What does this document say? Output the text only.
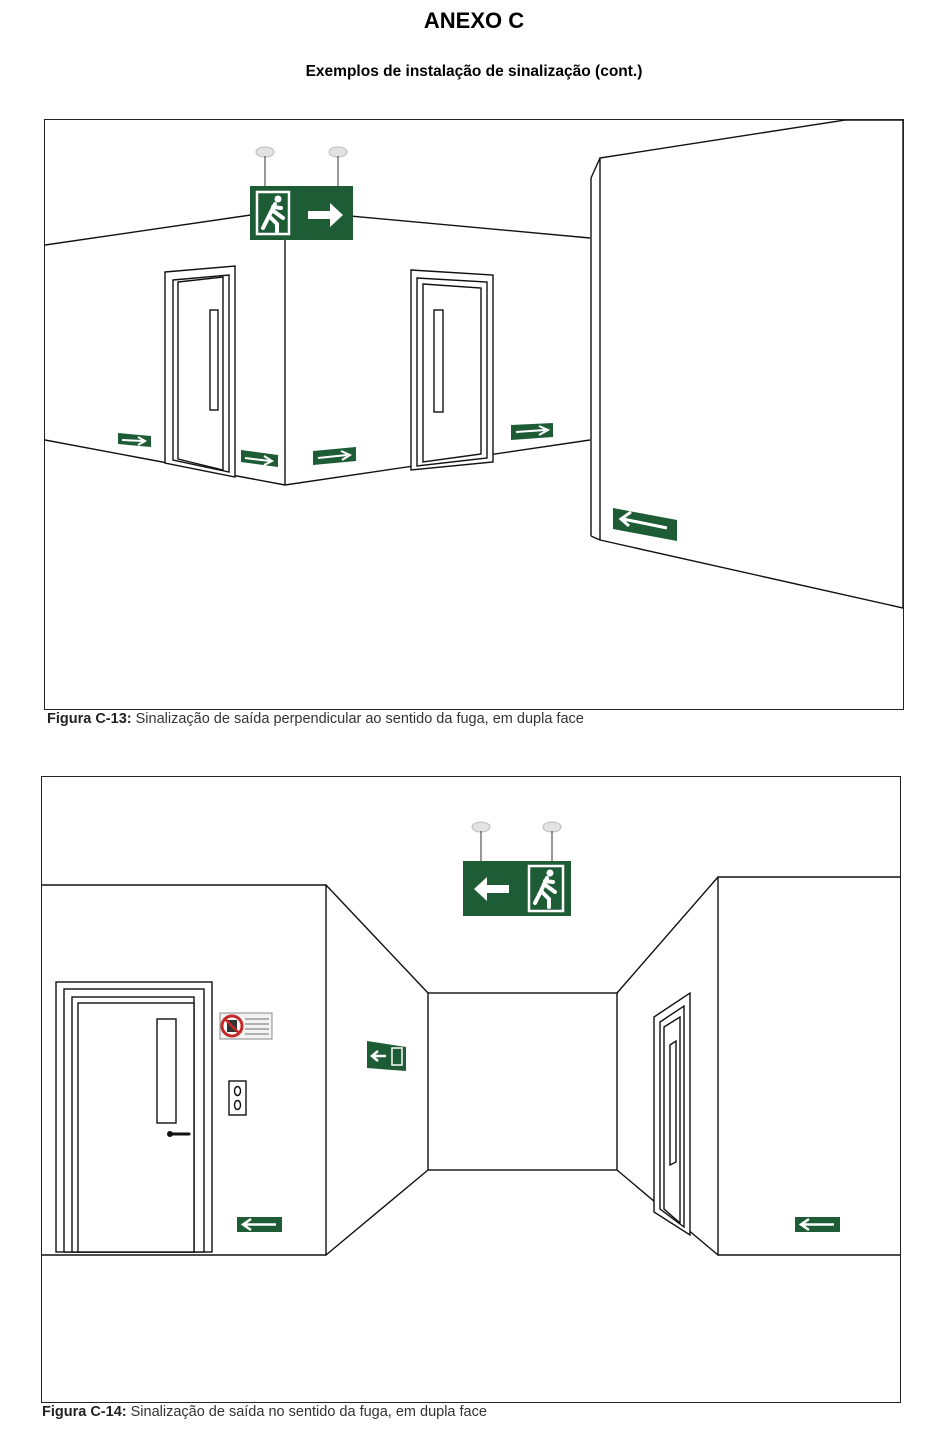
ANEXO C
Exemplos de instalação de sinalização (cont.)
Figura C-13: Sinalização de saída perpendicular ao sentido da fuga, em dupla face
Figura C-14: Sinalização de saída no sentido da fuga, em dupla face
